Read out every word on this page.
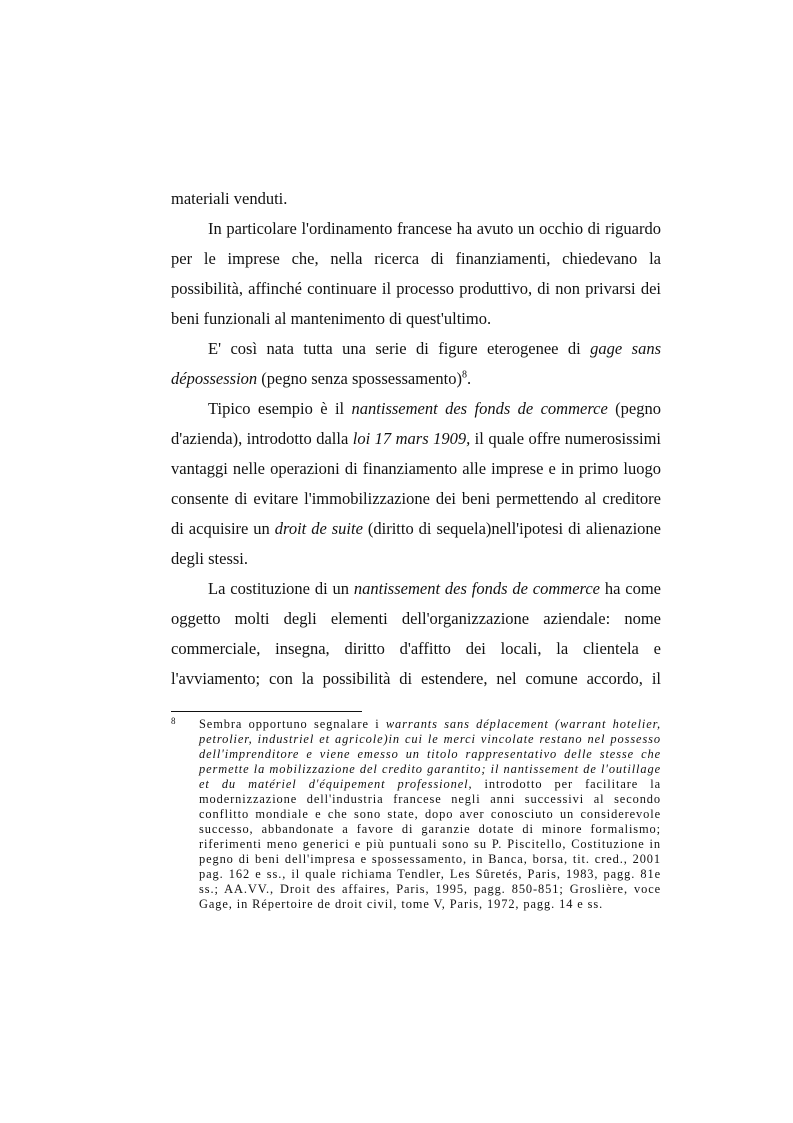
materiali venduti.

In particolare l'ordinamento francese ha avuto un occhio di riguardo per le imprese che, nella ricerca di finanziamenti, chiedevano la possibilità, affinché continuare il processo produttivo, di non privarsi dei beni funzionali al mantenimento di quest'ultimo.

E' così nata tutta una serie di figure eterogenee di gage sans dépossession (pegno senza spossessamento)$^8$.

Tipico esempio è il nantissement des fonds de commerce (pegno d'azienda), introdotto dalla loi 17 mars 1909, il quale offre numerosissimi vantaggi nelle operazioni di finanziamento alle imprese e in primo luogo consente di evitare l'immobilizzazione dei beni permettendo al creditore di acquisire un droit de suite (diritto di sequela)nell'ipotesi di alienazione degli stessi.

La costituzione di un nantissement des fonds de commerce ha come oggetto molti degli elementi dell'organizzazione aziendale: nome commerciale, insegna, diritto d'affitto dei locali, la clientela e l'avviamento; con la possibilità di estendere, nel comune accordo, il

8 Sembra opportuno segnalare i warrants sans déplacement (warrant hotelier, petrolier, industriel et agricole)in cui le merci vincolate restano nel possesso dell'imprenditore e viene emesso un titolo rappresentativo delle stesse che permette la mobilizzazione del credito garantito; il nantissement de l'outillage et du matériel d'équipement professionel, introdotto per facilitare la modernizzazione dell'industria francese negli anni successivi al secondo conflitto mondiale e che sono state, dopo aver conosciuto un considerevole successo, abbandonate a favore di garanzie dotate di minore formalismo; riferimenti meno generici e più puntuali sono su P. Piscitello, Costituzione in pegno di beni dell'impresa e spossessamento, in Banca, borsa, tit. cred., 2001 pag. 162 e ss., il quale richiama Tendler, Les Sûretés, Paris, 1983, pagg. 81e ss.; AA.VV., Droit des affaires, Paris, 1995, pagg. 850-851; Groslière, voce Gage, in Répertoire de droit civil, tome V, Paris, 1972, pagg. 14 e ss.
